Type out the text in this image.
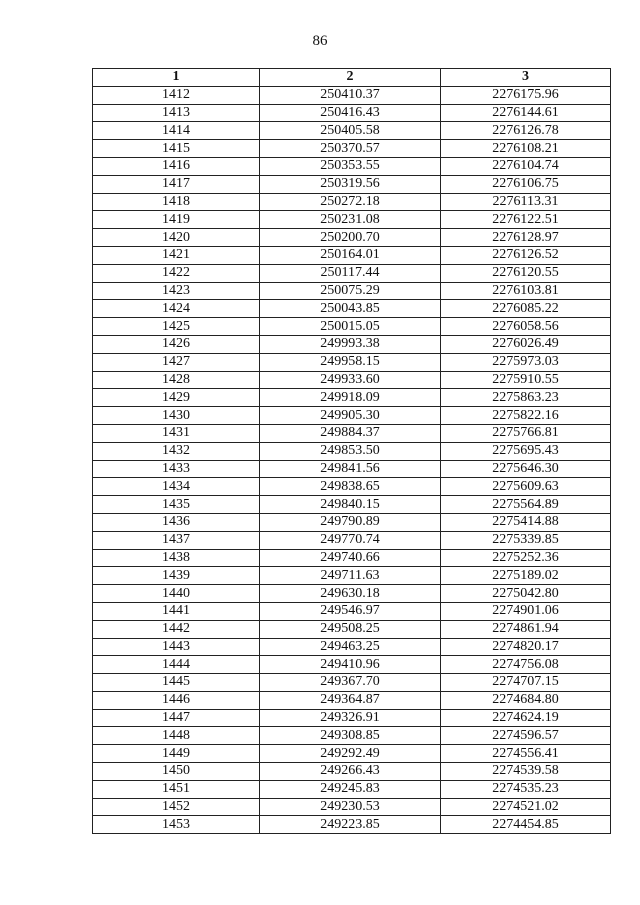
86
1	2	3
1412	250410.37	2276175.96
1413	250416.43	2276144.61
1414	250405.58	2276126.78
1415	250370.57	2276108.21
1416	250353.55	2276104.74
1417	250319.56	2276106.75
1418	250272.18	2276113.31
1419	250231.08	2276122.51
1420	250200.70	2276128.97
1421	250164.01	2276126.52
1422	250117.44	2276120.55
1423	250075.29	2276103.81
1424	250043.85	2276085.22
1425	250015.05	2276058.56
1426	249993.38	2276026.49
1427	249958.15	2275973.03
1428	249933.60	2275910.55
1429	249918.09	2275863.23
1430	249905.30	2275822.16
1431	249884.37	2275766.81
1432	249853.50	2275695.43
1433	249841.56	2275646.30
1434	249838.65	2275609.63
1435	249840.15	2275564.89
1436	249790.89	2275414.88
1437	249770.74	2275339.85
1438	249740.66	2275252.36
1439	249711.63	2275189.02
1440	249630.18	2275042.80
1441	249546.97	2274901.06
1442	249508.25	2274861.94
1443	249463.25	2274820.17
1444	249410.96	2274756.08
1445	249367.70	2274707.15
1446	249364.87	2274684.80
1447	249326.91	2274624.19
1448	249308.85	2274596.57
1449	249292.49	2274556.41
1450	249266.43	2274539.58
1451	249245.83	2274535.23
1452	249230.53	2274521.02
1453	249223.85	2274454.85
